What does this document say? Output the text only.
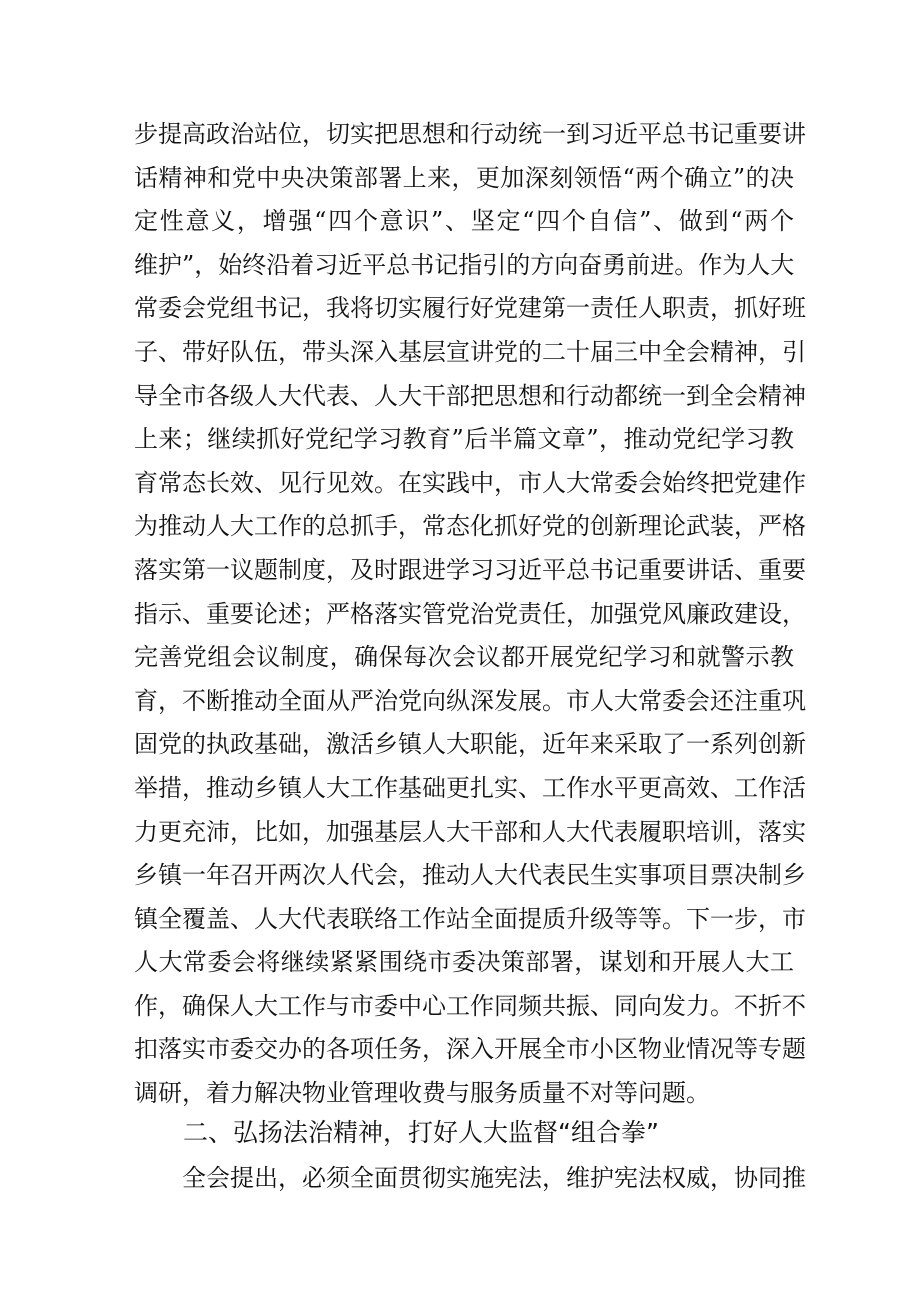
步提高政治站位，切实把思想和行动统一到习近平总书记重要讲
话精神和党中央决策部署上来，更加深刻领悟“两个确立”的决
定性意义，增强“四个意识”、坚定“四个自信”、做到“两个
维护”，始终沿着习近平总书记指引的方向奋勇前进。作为人大
常委会党组书记，我将切实履行好党建第一责任人职责，抓好班
子、带好队伍，带头深入基层宣讲党的二十届三中全会精神，引
导全市各级人大代表、人大干部把思想和行动都统一到全会精神
上来；继续抓好党纪学习教育”后半篇文章”，推动党纪学习教
育常态长效、见行见效。在实践中，市人大常委会始终把党建作
为推动人大工作的总抓手，常态化抓好党的创新理论武装，严格
落实第一议题制度，及时跟进学习习近平总书记重要讲话、重要
指示、重要论述；严格落实管党治党责任，加强党风廉政建设，
完善党组会议制度，确保每次会议都开展党纪学习和就警示教
育，不断推动全面从严治党向纵深发展。市人大常委会还注重巩
固党的执政基础，激活乡镇人大职能，近年来采取了一系列创新
举措，推动乡镇人大工作基础更扎实、工作水平更高效、工作活
力更充沛，比如，加强基层人大干部和人大代表履职培训，落实
乡镇一年召开两次人代会，推动人大代表民生实事项目票决制乡
镇全覆盖、人大代表联络工作站全面提质升级等等。下一步，市
人大常委会将继续紧紧围绕市委决策部署，谋划和开展人大工
作，确保人大工作与市委中心工作同频共振、同向发力。不折不
扣落实市委交办的各项任务，深入开展全市小区物业情况等专题
调研，着力解决物业管理收费与服务质量不对等问题。
二、弘扬法治精神，打好人大监督“组合拳”
全会提出，必须全面贯彻实施宪法，维护宪法权威，协同推
